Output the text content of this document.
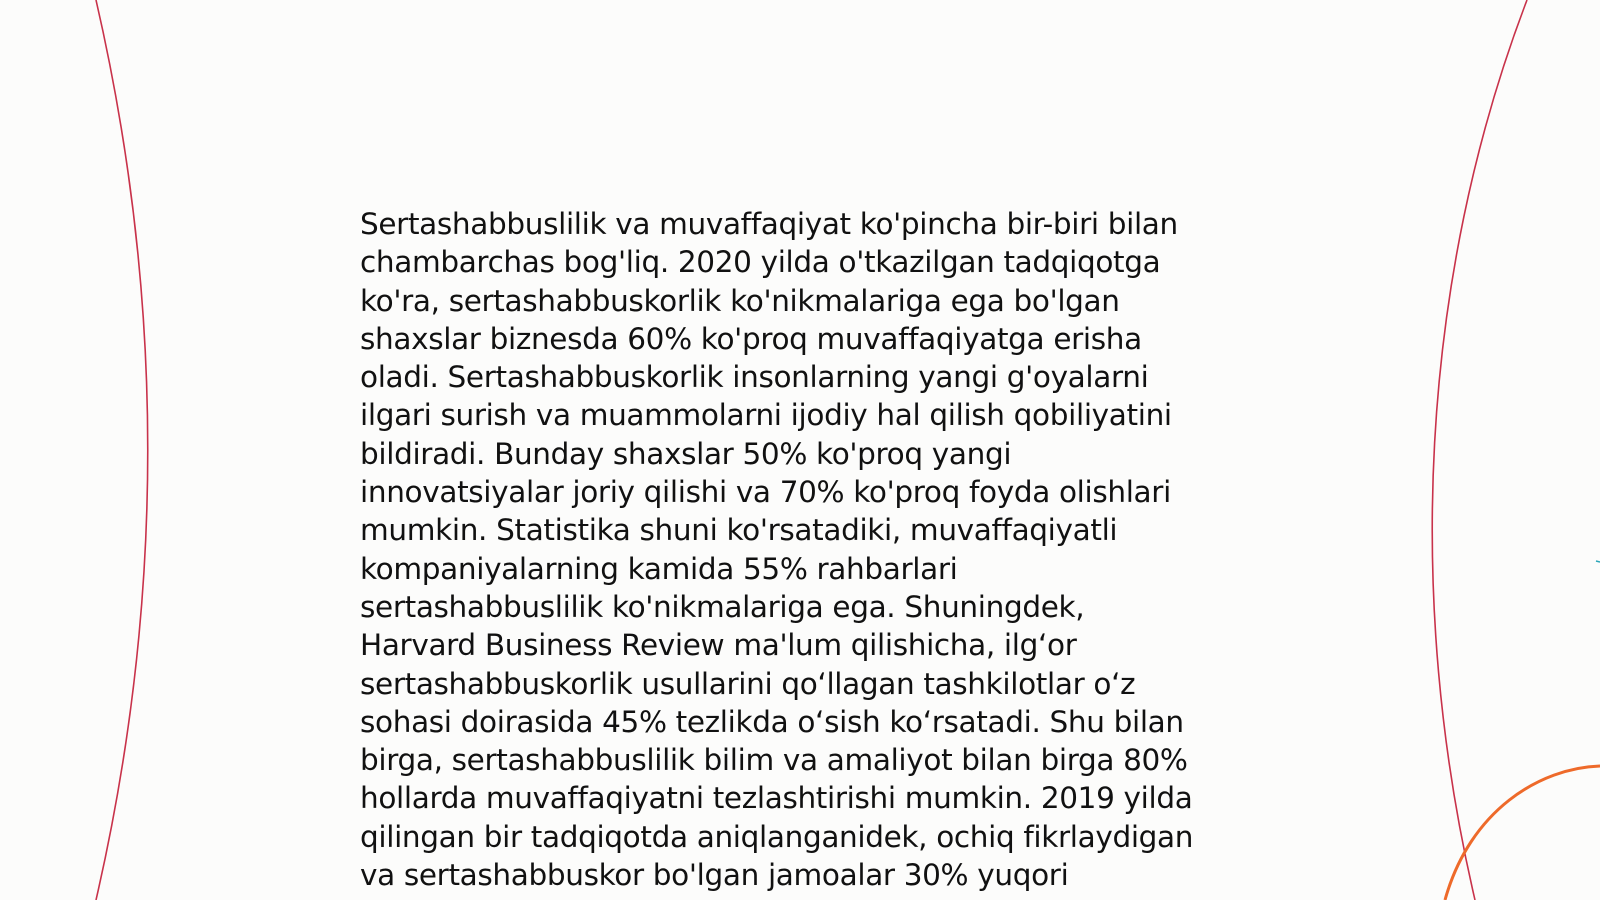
Sertashabbuslilik va muvaffaqiyat ko'pincha bir-biri bilan
chambarchas bog'liq. 2020 yilda o'tkazilgan tadqiqotga
ko'ra, sertashabbuskorlik ko'nikmalariga ega bo'lgan
shaxslar biznesda 60% ko'proq muvaffaqiyatga erisha
oladi. Sertashabbuskorlik insonlarning yangi g'oyalarni
ilgari surish va muammolarni ijodiy hal qilish qobiliyatini
bildiradi. Bunday shaxslar 50% ko'proq yangi
innovatsiyalar joriy qilishi va 70% ko'proq foyda olishlari
mumkin. Statistika shuni ko'rsatadiki, muvaffaqiyatli
kompaniyalarning kamida 55% rahbarlari
sertashabbuslilik ko'nikmalariga ega. Shuningdek,
Harvard Business Review ma'lum qilishicha, ilg‘or
sertashabbuskorlik usullarini qo‘llagan tashkilotlar o‘z
sohasi doirasida 45% tezlikda o‘sish ko‘rsatadi. Shu bilan
birga, sertashabbuslilik bilim va amaliyot bilan birga 80%
hollarda muvaffaqiyatni tezlashtirishi mumkin. 2019 yilda
qilingan bir tadqiqotda aniqlanganidek, ochiq fikrlaydigan
va sertashabbuskor bo'lgan jamoalar 30% yuqori
